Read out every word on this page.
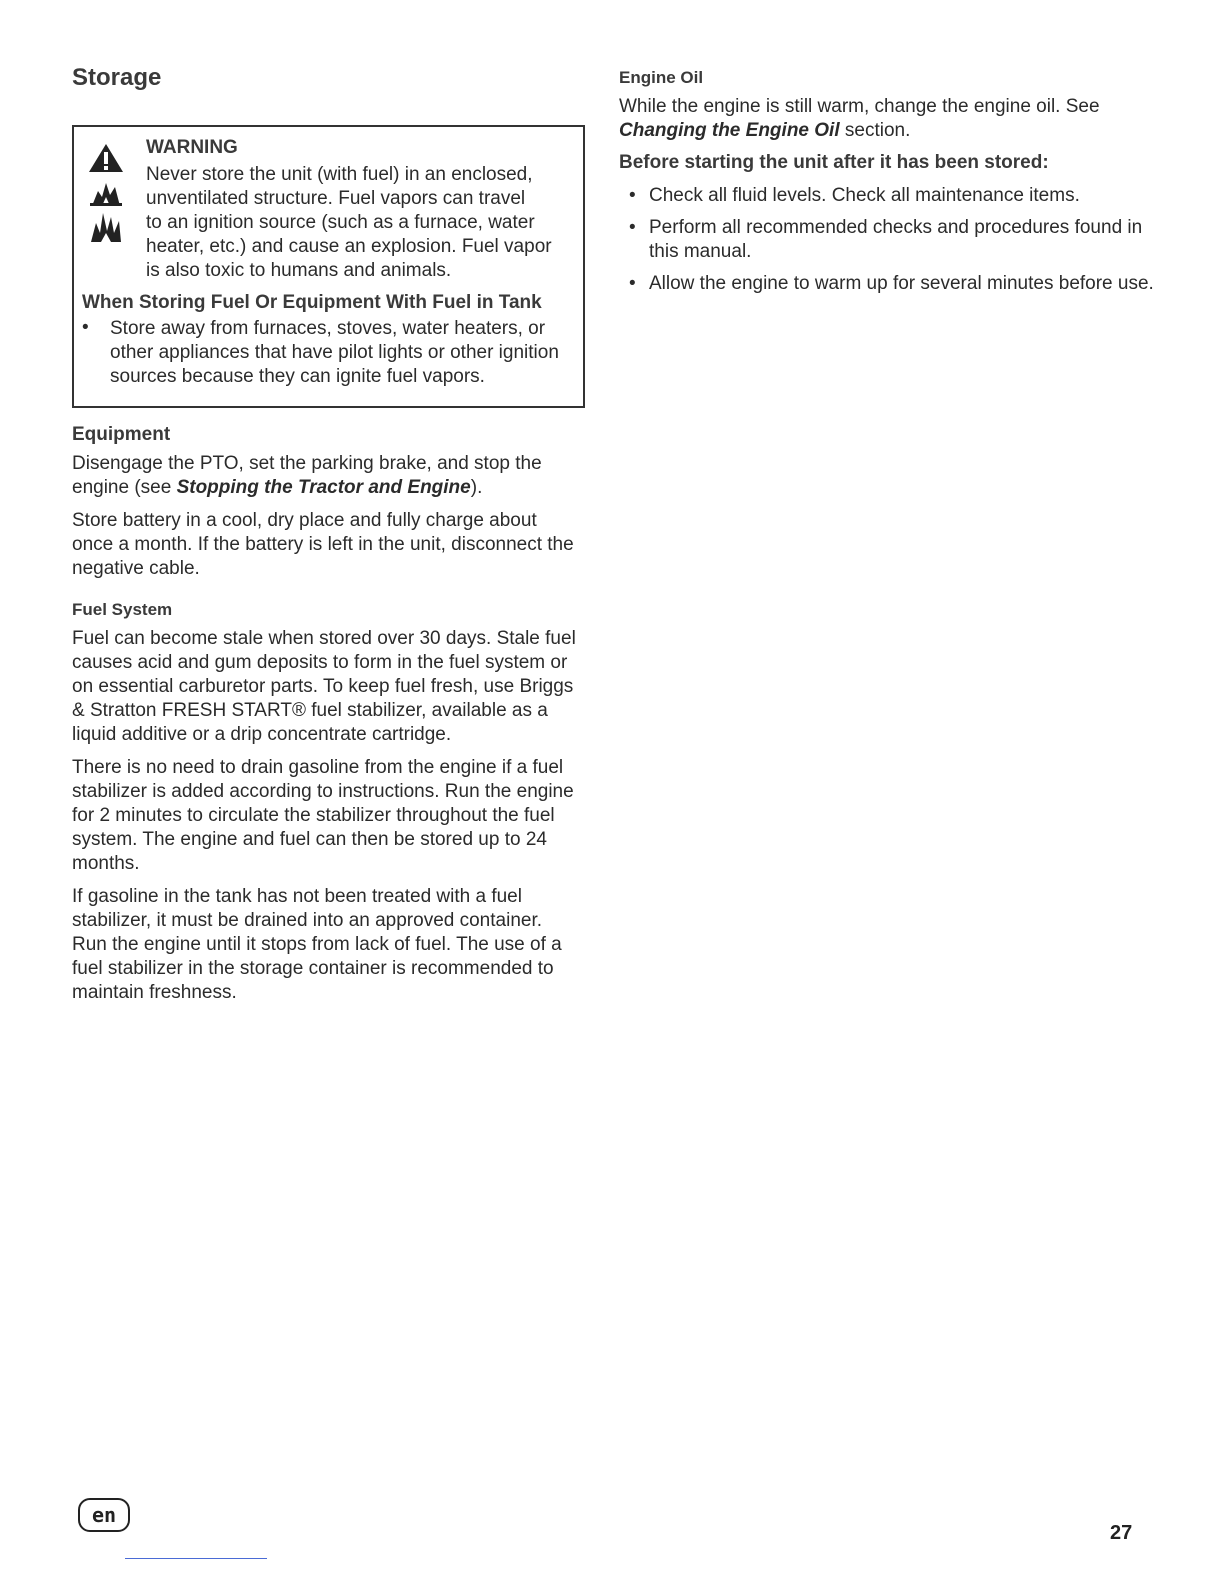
Storage
WARNING

Never store the unit (with fuel) in an enclosed,

unventilated structure. Fuel vapors can travel

to an ignition source (such as a furnace, water

heater, etc.) and cause an explosion. Fuel vapor

is also toxic to humans and animals.

When Storing Fuel Or Equipment With Fuel in Tank

• Store away from furnaces, stoves, water heaters, or

other appliances that have pilot lights or other ignition

sources because they can ignite fuel vapors.

Equipment

Disengage the PTO, set the parking brake, and stop the

engine (see Stopping the Tractor and Engine).

Store battery in a cool, dry place and fully charge about

once a month. If the battery is left in the unit, disconnect the

negative cable.

Fuel System

Fuel can become stale when stored over 30 days. Stale fuel

causes acid and gum deposits to form in the fuel system or

on essential carburetor parts. To keep fuel fresh, use Briggs

& Stratton FRESH START® fuel stabilizer, available as a

liquid additive or a drip concentrate cartridge.

There is no need to drain gasoline from the engine if a fuel

stabilizer is added according to instructions. Run the engine

for 2 minutes to circulate the stabilizer throughout the fuel

system. The engine and fuel can then be stored up to 24

months.

If gasoline in the tank has not been treated with a fuel

stabilizer, it must be drained into an approved container.

Run the engine until it stops from lack of fuel. The use of a

fuel stabilizer in the storage container is recommended to

maintain freshness.

Engine Oil

While the engine is still warm, change the engine oil. See

Changing the Engine Oil section.

Before starting the unit after it has been stored:

• Check all fluid levels. Check all maintenance items.
• Perform all recommended checks and procedures found in this manual.
• Allow the engine to warm up for several minutes before use.
en
27
